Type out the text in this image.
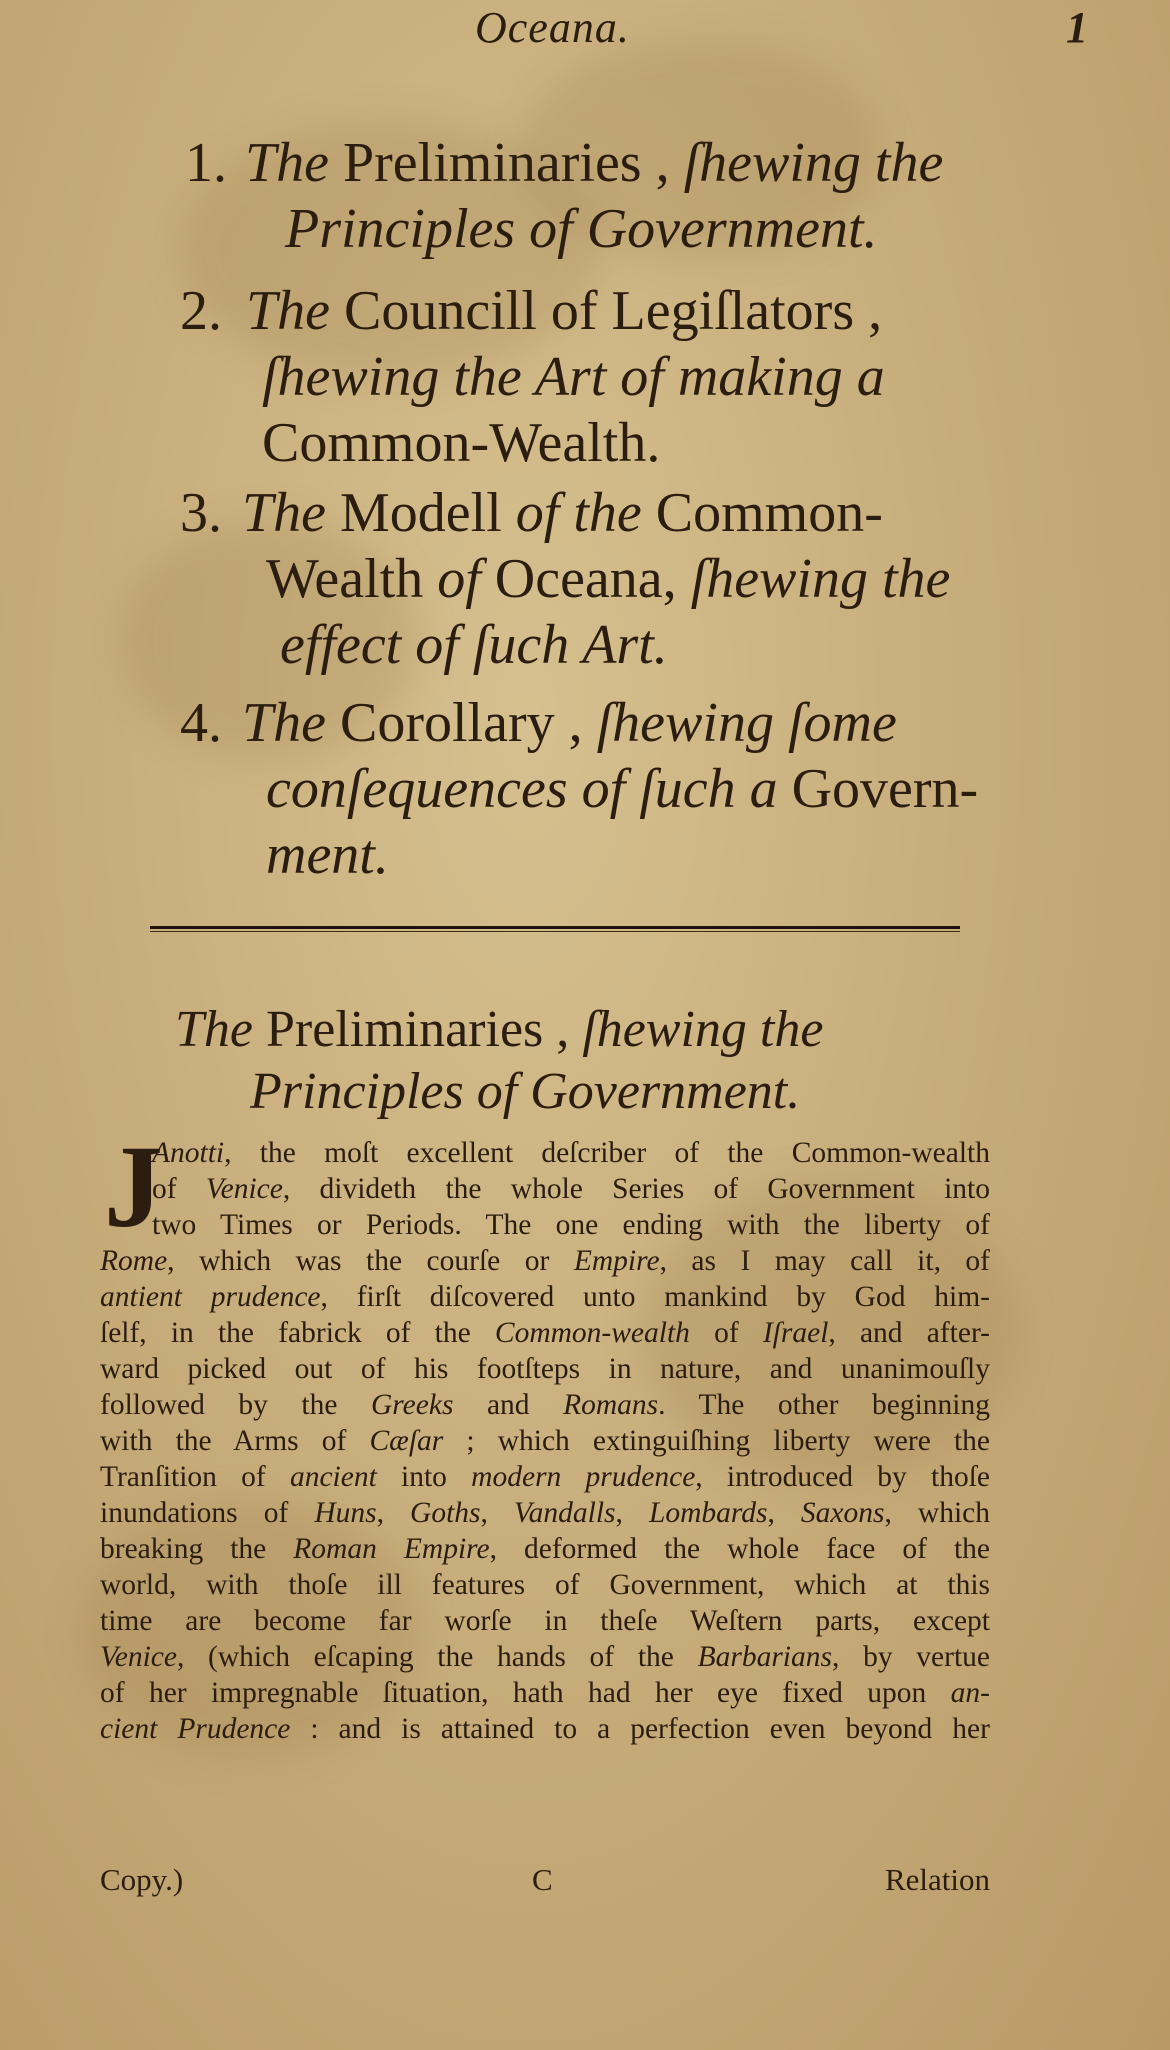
Oceana.	1
1. The Preliminaries , ſhewing the
Principles of Government.
2. The Councill of Legiſlators ,
ſhewing the Art of making a
Common-Wealth.
3. The Modell of the Common-
Wealth of Oceana, ſhewing the
effect of ſuch Art.
4. The Corollary , ſhewing ſome
conſequences of ſuch a Govern-
ment.
The Preliminaries , ſhewing the
Principles of Government.
J
Anotti, the moſt excellent deſcriber of the Common-wealth
of Venice, divideth the whole Series of Government into
two Times or Periods. The one ending with the liberty of
Rome, which was the courſe or Empire, as I may call it, of
antient prudence, firſt diſcovered unto mankind by God him-
ſelf, in the fabrick of the Common-wealth of Iſrael, and after-
ward picked out of his footſteps in nature, and unanimouſly
followed by the Greeks and Romans. The other beginning
with the Arms of Cæſar ; which extinguiſhing liberty were the
Tranſition of ancient into modern prudence, introduced by thoſe
inundations of Huns, Goths, Vandalls, Lombards, Saxons, which
breaking the Roman Empire, deformed the whole face of the
world, with thoſe ill features of Government, which at this
time are become far worſe in theſe Weſtern parts, except
Venice, (which eſcaping the hands of the Barbarians, by vertue
of her impregnable ſituation, hath had her eye fixed upon an-
cient Prudence : and is attained to a perfection even beyond her
Copy.)	C	Relation
